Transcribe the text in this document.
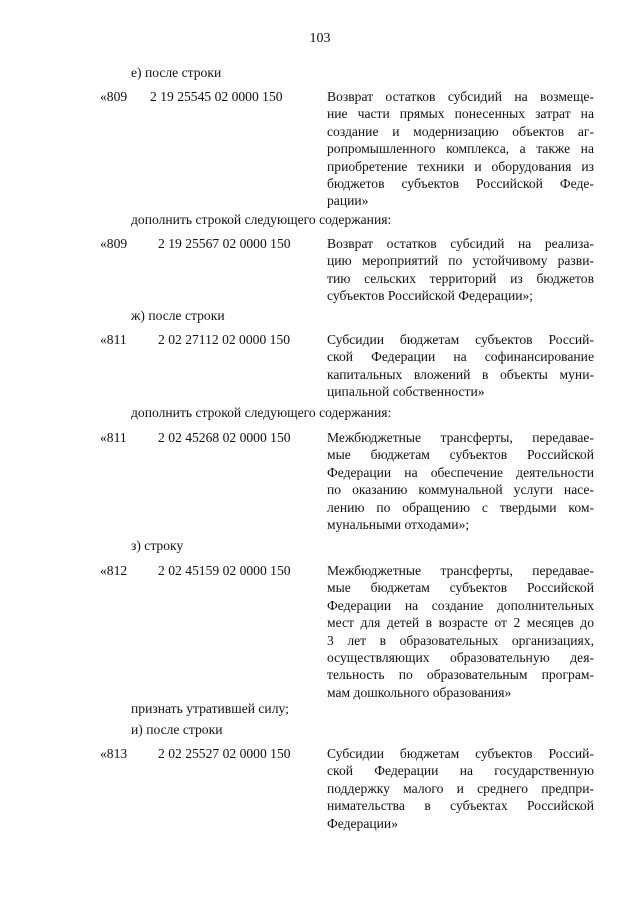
103
е) после строки
«809 2 19 25545 02 0000 150	Возврат остатков субсидий на возмеще-
ние части прямых понесенных затрат на
создание и модернизацию объектов аг-
ропромышленного комплекса, а также на
приобретение техники и оборудования из
бюджетов субъектов Российской Феде-
рации»
дополнить строкой следующего содержания:
«809 2 19 25567 02 0000 150	Возврат остатков субсидий на реализа-
цию мероприятий по устойчивому разви-
тию сельских территорий из бюджетов
субъектов Российской Федерации»;
ж) после строки
«811 2 02 27112 02 0000 150	Субсидии бюджетам субъектов Россий-
ской Федерации на софинансирование
капитальных вложений в объекты муни-
ципальной собственности»
дополнить строкой следующего содержания:
«811 2 02 45268 02 0000 150	Межбюджетные трансферты, передавае-
мые бюджетам субъектов Российской
Федерации на обеспечение деятельности
по оказанию коммунальной услуги насе-
лению по обращению с твердыми ком-
мунальными отходами»;
з) строку
«812 2 02 45159 02 0000 150	Межбюджетные трансферты, передавае-
мые бюджетам субъектов Российской
Федерации на создание дополнительных
мест для детей в возрасте от 2 месяцев до
3 лет в образовательных организациях,
осуществляющих образовательную дея-
тельность по образовательным програм-
мам дошкольного образования»
признать утратившей силу;
и) после строки
«813 2 02 25527 02 0000 150	Субсидии бюджетам субъектов Россий-
ской Федерации на государственную
поддержку малого и среднего предпри-
нимательства в субъектах Российской
Федерации»
